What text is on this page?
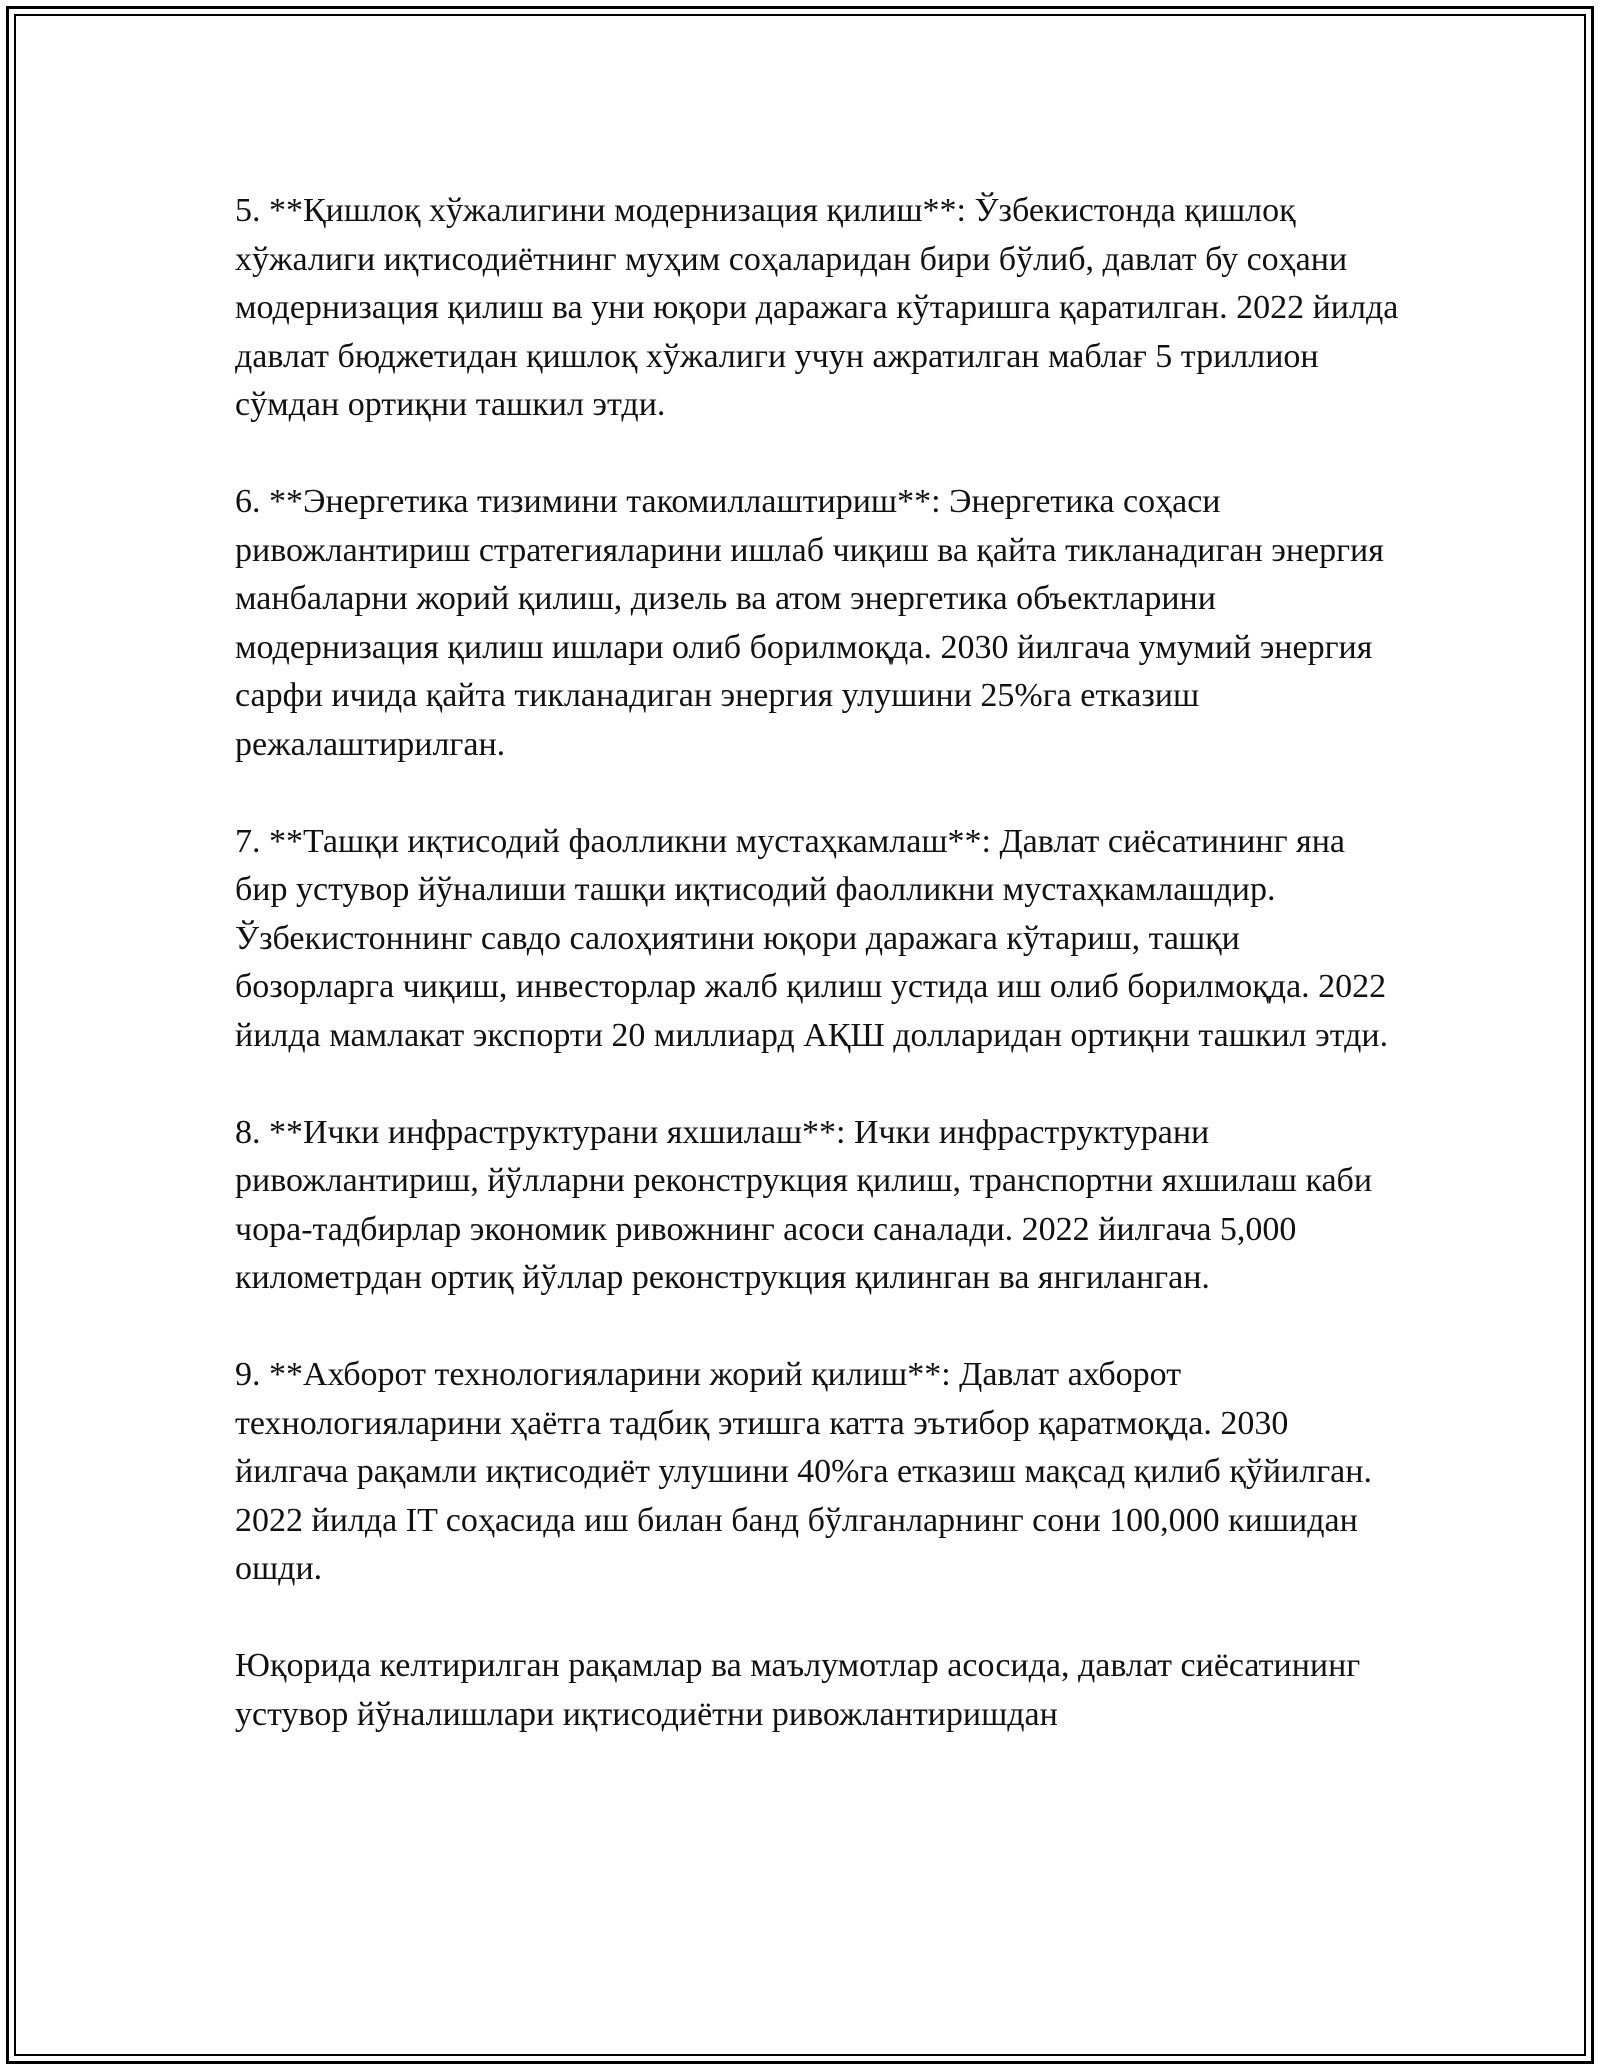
5. **Қишлоқ хўжалигини модернизация қилиш**: Ўзбекистонда қишлоқ хўжалиги иқтисодиётнинг муҳим соҳаларидан бири бўлиб, давлат бу соҳани модернизация қилиш ва уни юқори даражага кўтаришга қаратилган. 2022 йилда давлат бюджетидан қишлоқ хўжалиги учун ажратилган маблағ 5 триллион сўмдан ортиқни ташкил этди.

6. **Энергетика тизимини такомиллаштириш**: Энергетика соҳаси ривожлантириш стратегияларини ишлаб чиқиш ва қайта тикланадиган энергия манбаларни жорий қилиш, дизель ва атом энергетика объектларини модернизация қилиш ишлари олиб борилмоқда. 2030 йилгача умумий энергия сарфи ичида қайта тикланадиган энергия улушини 25%га етказиш режалаштирилган.

7. **Ташқи иқтисодий фаолликни мустаҳкамлаш**: Давлат сиёсатининг яна бир устувор йўналиши ташқи иқтисодий фаолликни мустаҳкамлашдир. Ўзбекистоннинг савдо салоҳиятини юқори даражага кўтариш, ташқи бозорларга чиқиш, инвесторлар жалб қилиш устида иш олиб борилмоқда. 2022 йилда мамлакат экспорти 20 миллиард АҚШ долларидан ортиқни ташкил этди.

8. **Ички инфраструктурани яхшилаш**: Ички инфраструктурани ривожлантириш, йўлларни реконструкция қилиш, транспортни яхшилаш каби чора-тадбирлар экономик ривожнинг асоси саналади. 2022 йилгача 5,000 километрдан ортиқ йўллар реконструкция қилинган ва янгиланган.

9. **Ахборот технологияларини жорий қилиш**: Давлат ахборот технологияларини ҳаётга тадбиқ этишга катта эътибор қаратмоқда. 2030 йилгача рақамли иқтисодиёт улушини 40%га етказиш мақсад қилиб қўйилган. 2022 йилда IT соҳасида иш билан банд бўлганларнинг сони 100,000 кишидан ошди.

Юқорида келтирилган рақамлар ва маълумотлар асосида, давлат сиёсатининг устувор йўналишлари иқтисодиётни ривожлантиришдан
